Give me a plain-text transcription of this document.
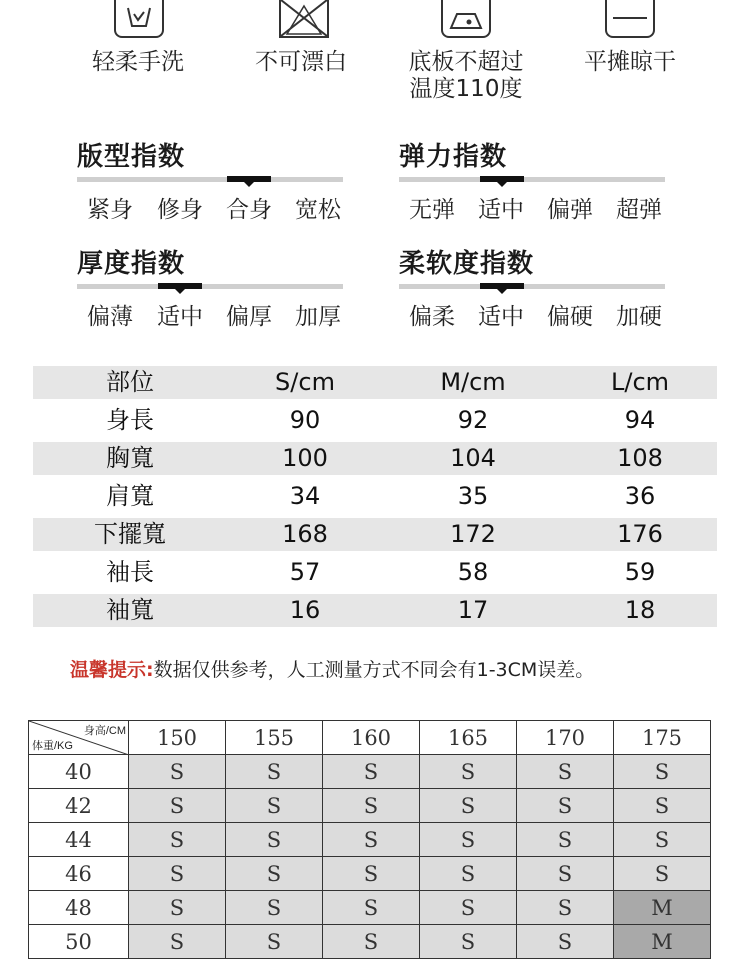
轻柔手洗	不可漂白	底板不超过
温度110度
平摊晾干
版型指数
紧身	修身	合身	宽松
弹力指数
无弹	适中	偏弹	超弹
厚度指数
偏薄	适中	偏厚	加厚
柔软度指数
偏柔	适中	偏硬	加硬
部位	S/cm	M/cm	L/cm
身長	90	92	94
胸寬	100	104	108
肩寬	34	35	36
下擺寬	168	172	176
袖長	57	58	59
袖寬	16	17	18
温馨提示:数据仅供参考，人工测量方式不同会有1-3CM误差。
身高/CM
体重/KG	150	155	160	165	170	175
40	S	S	S	S	S	S
42	S	S	S	S	S	S
44	S	S	S	S	S	S
46	S	S	S	S	S	S
48	S	S	S	S	S	M
50	S	S	S	S	S	M
